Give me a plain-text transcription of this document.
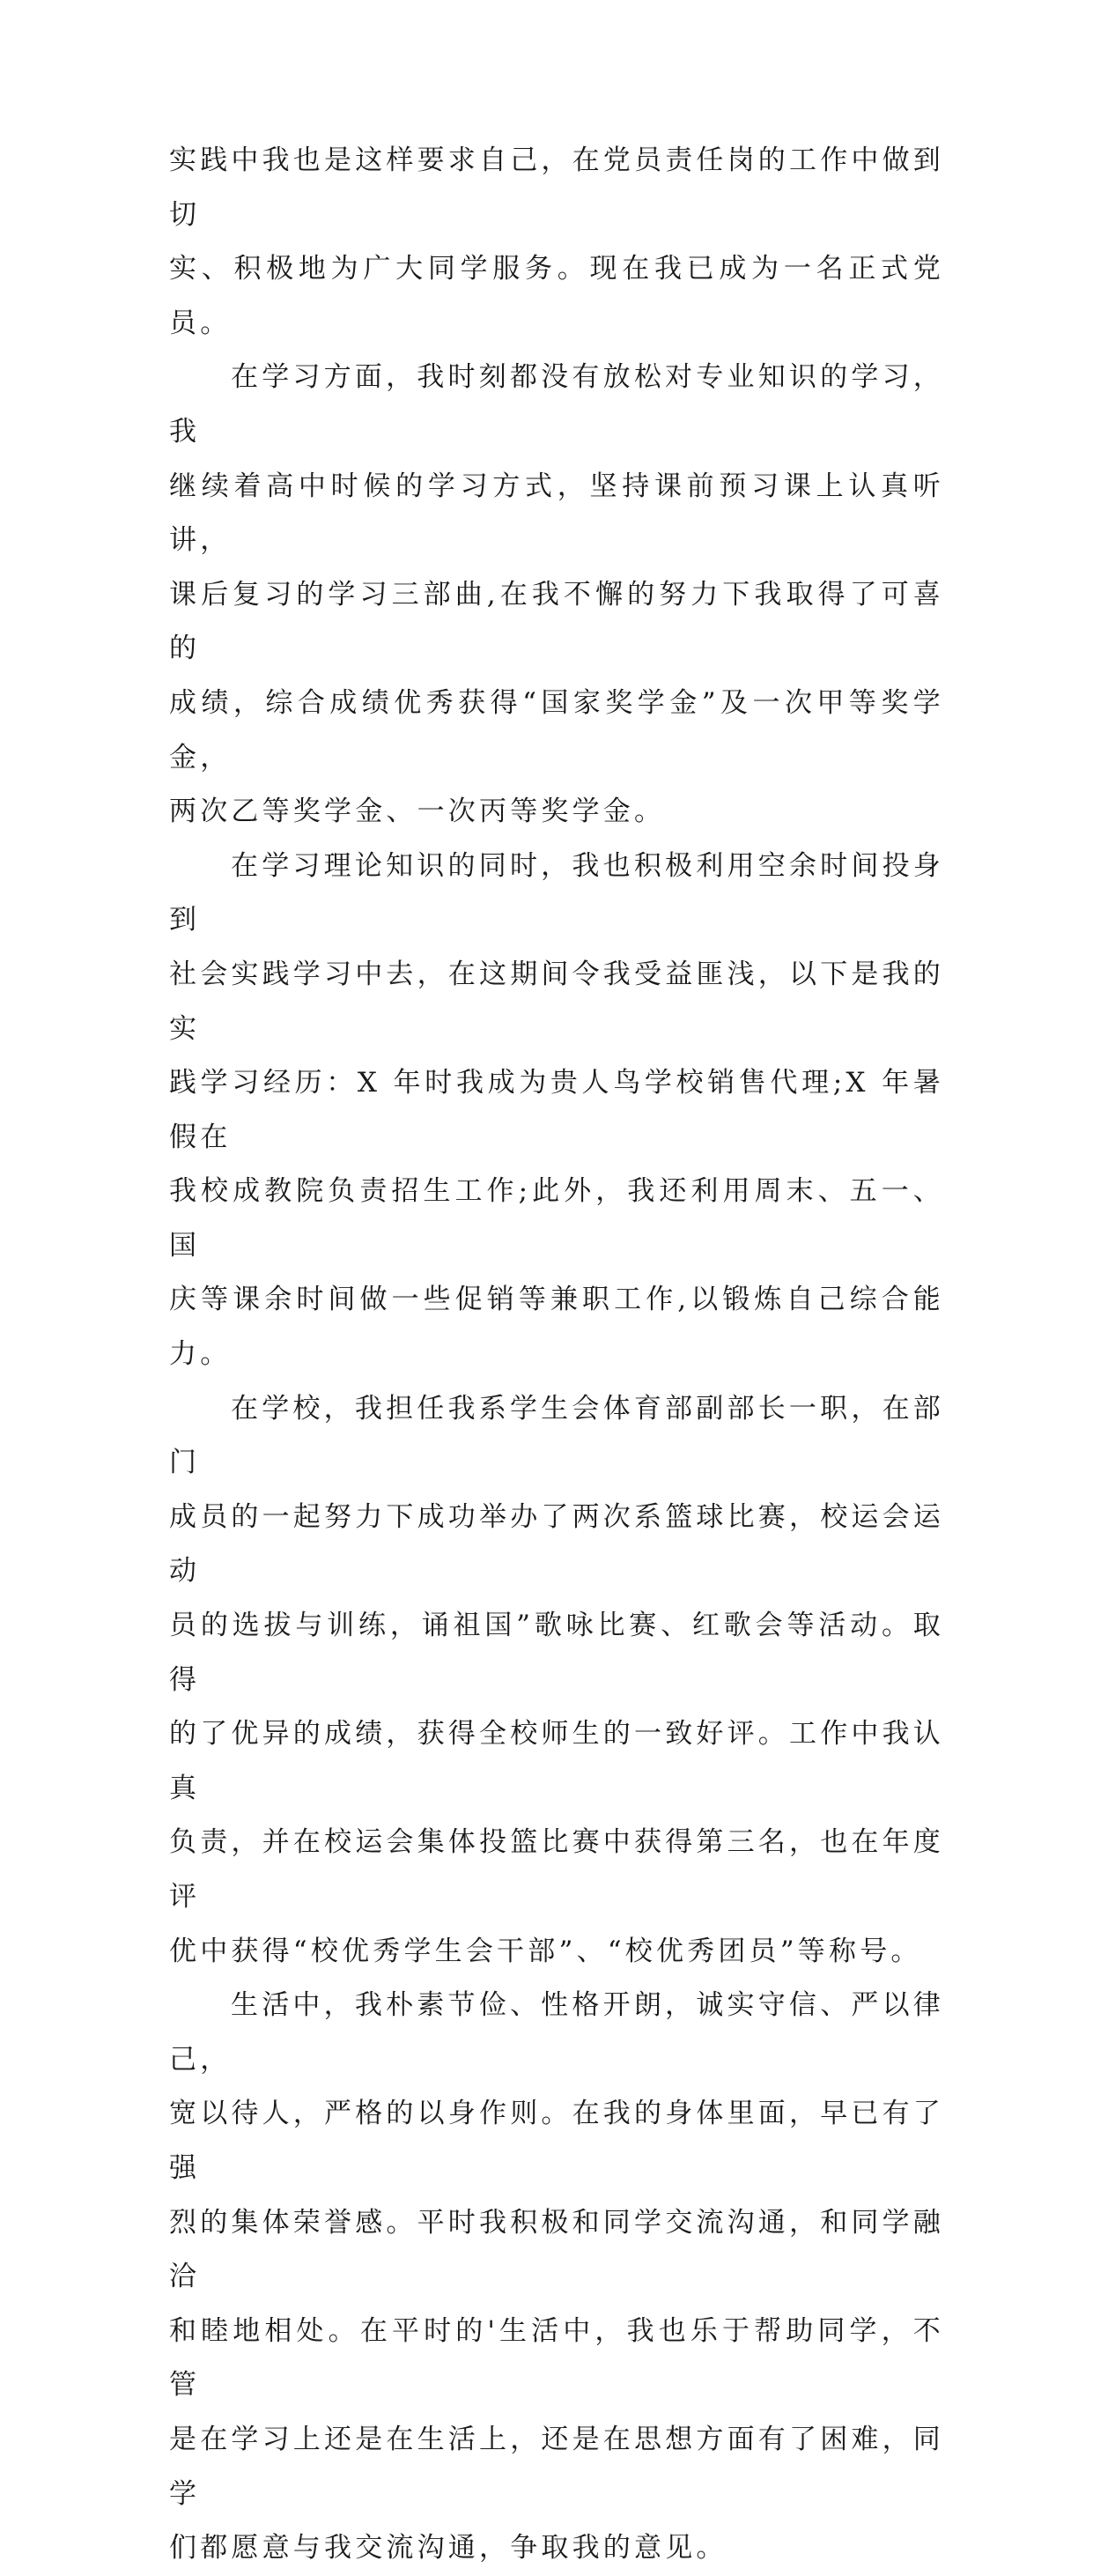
实践中我也是这样要求自己，在党员责任岗的工作中做到切
实、积极地为广大同学服务。现在我已成为一名正式党员。

在学习方面，我时刻都没有放松对专业知识的学习，我
继续着高中时候的学习方式，坚持课前预习课上认真听讲，
课后复习的学习三部曲,在我不懈的努力下我取得了可喜的
成绩，综合成绩优秀获得“国家奖学金”及一次甲等奖学金，
两次乙等奖学金、一次丙等奖学金。

在学习理论知识的同时，我也积极利用空余时间投身到
社会实践学习中去，在这期间令我受益匪浅，以下是我的实
践学习经历：X 年时我成为贵人鸟学校销售代理;X 年暑假在
我校成教院负责招生工作;此外，我还利用周末、五一、国
庆等课余时间做一些促销等兼职工作,以锻炼自己综合能力。

在学校，我担任我系学生会体育部副部长一职，在部门
成员的一起努力下成功举办了两次系篮球比赛，校运会运动
员的选拔与训练，诵祖国”歌咏比赛、红歌会等活动。取得
的了优异的成绩，获得全校师生的一致好评。工作中我认真
负责，并在校运会集体投篮比赛中获得第三名，也在年度评
优中获得“校优秀学生会干部”、“校优秀团员”等称号。

生活中，我朴素节俭、性格开朗，诚实守信、严以律己，
宽以待人，严格的以身作则。在我的身体里面，早已有了强
烈的集体荣誉感。平时我积极和同学交流沟通，和同学融洽
和睦地相处。在平时的'生活中，我也乐于帮助同学，不管
是在学习上还是在生活上，还是在思想方面有了困难，同学
们都愿意与我交流沟通，争取我的意见。
